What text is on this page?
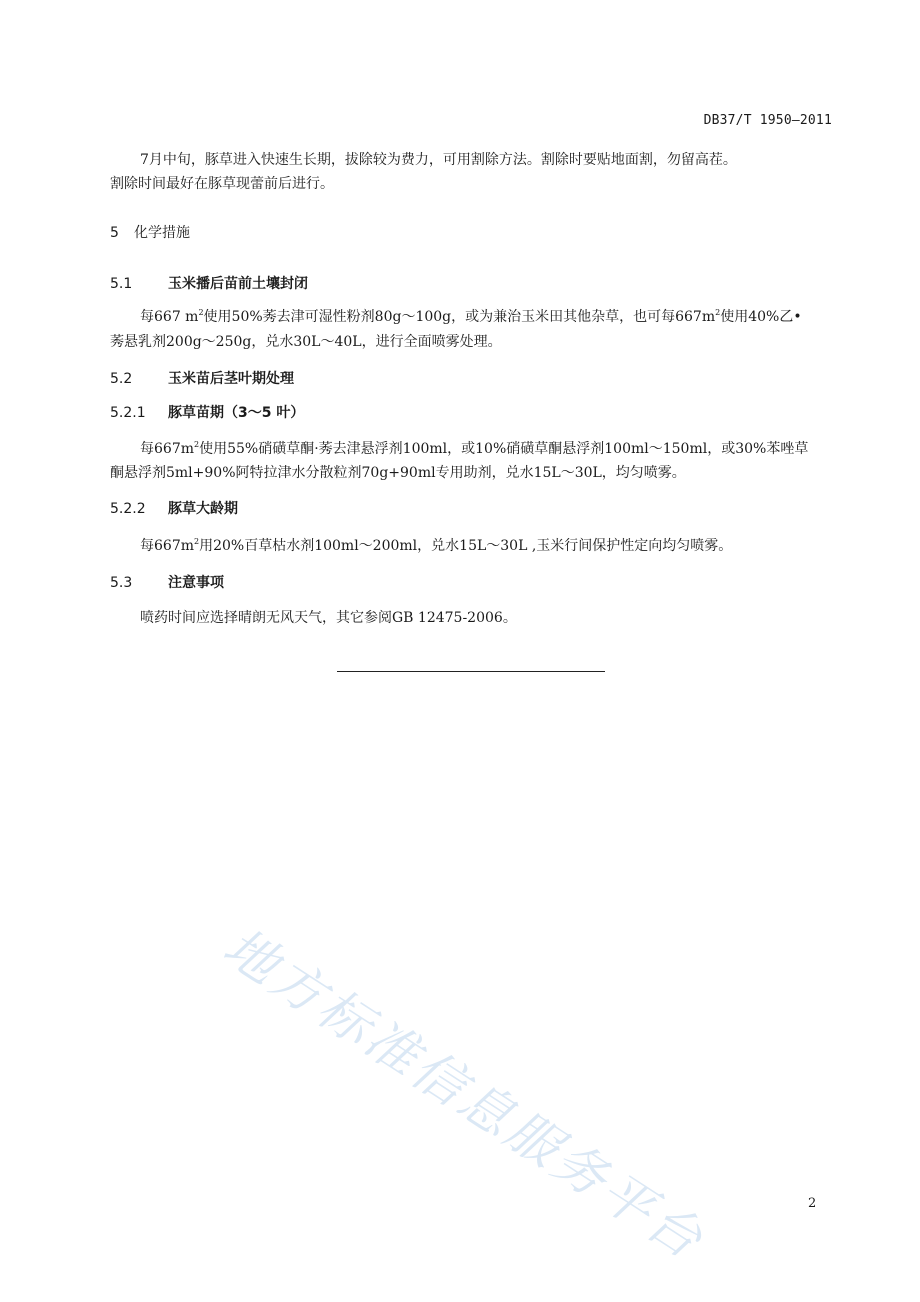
DB37/T 1950—2011
7月中旬，豚草进入快速生长期，拔除较为费力，可用割除方法。割除时要贴地面割，勿留高茬。
割除时间最好在豚草现蕾前后进行。
5 化学措施
5.1	玉米播后苗前土壤封闭
每667 $m^2$使用50%莠去津可湿性粉剂80g～100g，或为兼治玉米田其他杂草，也可每$667m^2$使用40%乙•
莠悬乳剂200g～250g，兑水30L～40L，进行全面喷雾处理。
5.2	玉米苗后茎叶期处理
5.2.1 豚草苗期（3～5 叶）
每$667m^2$使用55%硝磺草酮·莠去津悬浮剂100ml，或10%硝磺草酮悬浮剂100ml～150ml，或30%苯唑草
酮悬浮剂5ml+90%阿特拉津水分散粒剂70g+90ml专用助剂，兑水15L～30L，均匀喷雾。
5.2.2 豚草大龄期
每$667m^2$用20%百草枯水剂100ml～200ml，兑水15L～30L ,玉米行间保护性定向均匀喷雾。
5.3	注意事项
喷药时间应选择晴朗无风天气，其它参阅GB 12475-2006。
地方标准信息服务平台	2
